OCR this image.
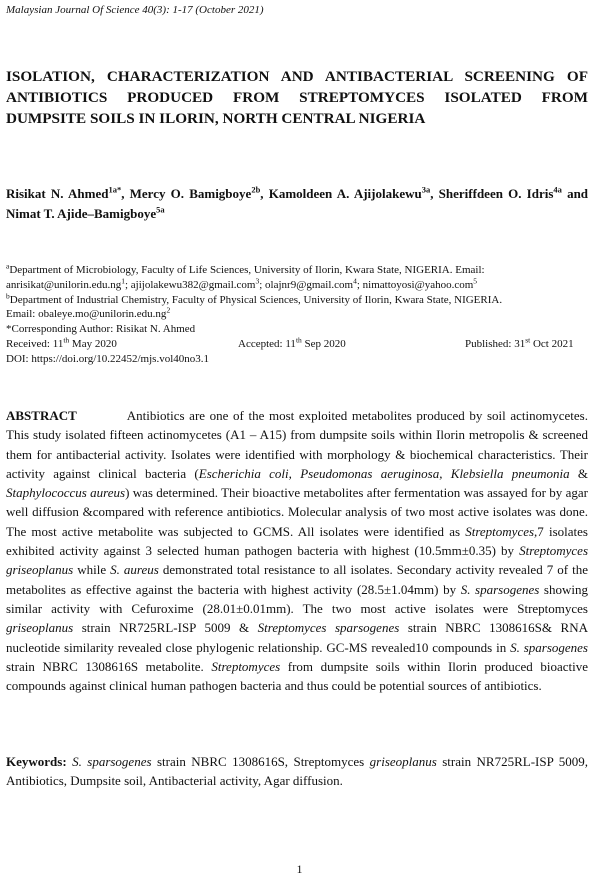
Malaysian Journal Of Science 40(3): 1-17 (October 2021)
ISOLATION, CHARACTERIZATION AND ANTIBACTERIAL SCREENING OF ANTIBIOTICS PRODUCED FROM STREPTOMYCES ISOLATED FROM DUMPSITE SOILS IN ILORIN, NORTH CENTRAL NIGERIA

Risikat N. Ahmed$^{1a*}$, Mercy O. Bamigboye$^{2b}$, Kamoldeen A. Ajijolakewu$^{3a}$, Sheriffdeen O. Idris$^{4a}$ and Nimat T. Ajide–Bamigboye$^{5a}$

$^a$Department of Microbiology, Faculty of Life Sciences, University of Ilorin, Kwara State, NIGERIA. Email:
$anrisikat@unilorin.edu.ng^1$; ajijolakewu382@gmail.com$^3$; olajnr9@gmail.com$^4$; nimattoyosi@yahoo.com$^5$
$^b$Department of Industrial Chemistry, Faculty of Physical Sciences, University of Ilorin, Kwara State, NIGERIA.
Email: $obaleye.mo@unilorin.edu.ng^2$
*Corresponding Author: Risikat N. Ahmed
Received: 11th May 2020	Accepted: 11th Sep 2020	Published: 31st Oct 2021
DOI: https://doi.org/10.22452/mjs.vol40no3.1

ABSTRACT	Antibiotics are one of the most exploited metabolites produced by soil actinomycetes. This study isolated fifteen actinomycetes (A1 – A15) from dumpsite soils within Ilorin metropolis & screened them for antibacterial activity. Isolates were identified with morphology & biochemical characteristics. Their activity against clinical bacteria (Escherichia coli, Pseudomonas aeruginosa, Klebsiella pneumonia & Staphylococcus aureus) was determined. Their bioactive metabolites after fermentation was assayed for by agar well diffusion &compared with reference antibiotics. Molecular analysis of two most active isolates was done. The most active metabolite was subjected to GCMS. All isolates were identified as Streptomyces,7 isolates exhibited activity against 3 selected human pathogen bacteria with highest (10.5mm±0.35) by Streptomyces griseoplanus while S. aureus demonstrated total resistance to all isolates. Secondary activity revealed 7 of the metabolites as effective against the bacteria with highest activity (28.5±1.04mm) by S. sparsogenes showing similar activity with Cefuroxime (28.01±0.01mm). The two most active isolates were Streptomyces griseoplanus strain NR725RL-ISP 5009 & Streptomyces sparsogenes strain NBRC 1308616S& RNA nucleotide similarity revealed close phylogenic relationship. GC-MS revealed10 compounds in S. sparsogenes strain NBRC 1308616S metabolite. Streptomyces from dumpsite soils within Ilorin produced bioactive compounds against clinical human pathogen bacteria and thus could be potential sources of antibiotics.

Keywords: S. sparsogenes strain NBRC 1308616S, Streptomyces griseoplanus strain NR725RL-ISP 5009, Antibiotics, Dumpsite soil, Antibacterial activity, Agar diffusion.

1
